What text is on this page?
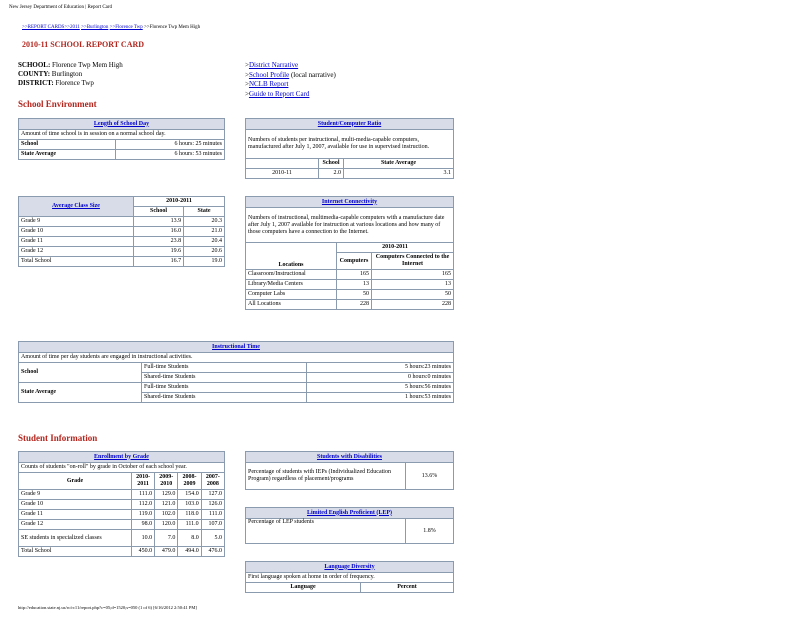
New Jersey Department of Education | Report Card
>>REPORT CARDS>>2011 >>Burlington >>Florence Twp >>Florence Twp Mem High
2010-11 SCHOOL REPORT CARD
SCHOOL: Florence Twp Mem High
COUNTY: Burlington
DISTRICT: Florence Twp
>District Narrative
>School Profile (local narrative)
>NCLB Report
>Guide to Report Card
School Environment
Length of School Day	
Amount of time school is in session on a normal school day.	
School	6 hours: 25 minutes
State Average	6 hours: 53 minutes
Student/Computer Ratio		
Numbers of students per instructional, multi-media-capable computers, manufactured after July 1, 2007, available for use in supervised instruction.		
	School	State Average
2010-11	2.0	3.1
Average Class Size	2010-2011	
	School	State
Grade 9	13.9	20.3
Grade 10	16.0	21.0
Grade 11	23.8	20.4
Grade 12	19.6	20.6
Total School	16.7	19.0
Internet Connectivity		
Numbers of instructional, multimedia-capable computers with a manufacture date after July 1, 2007 available for instruction at various locations and how many of those computers have a connection to the Internet.		
Locations	2010-2011	
	Computers	Computers Connected to the Internet
Classroom/Instructional	165	165
Library/Media Centers	13	13
Computer Labs	50	50
All Locations	228	228
Instructional Time		
Amount of time per day students are engaged in instructional activities.		
School	Full-time Students	5 hours:23 minutes
	Shared-time Students	0 hours:0 minutes
State Average	Full-time Students	5 hours:56 minutes
	Shared-time Students	1 hours:53 minutes
Student Information
Enrollment by Grade				
Counts of students "on-roll" by grade in October of each school year.				
Grade	2010-2011	2009-2010	2008-2009	2007-2008
Grade 9	111.0	129.0	154.0	127.0
Grade 10	112.0	121.0	103.0	126.0
Grade 11	119.0	102.0	118.0	111.0
Grade 12	98.0	120.0	111.0	107.0
SE students in specialized classes	10.0	7.0	8.0	5.0
Total School	450.0	479.0	494.0	476.0
Students with Disabilities
Percentage of students with IEPs (Individualized Education Program) regardless of placement/programs	13.6%
Limited English Proficient (LEP)
Percentage of LEP students	1.8%
Language Diversity
First language spoken at home in order of frequency.
Language	Percent
http://education.state.nj.us/rc/rc11/report.php?c=05;d=1520;s=050 (1 of 6) [6/16/2012 2:50:41 PM]
